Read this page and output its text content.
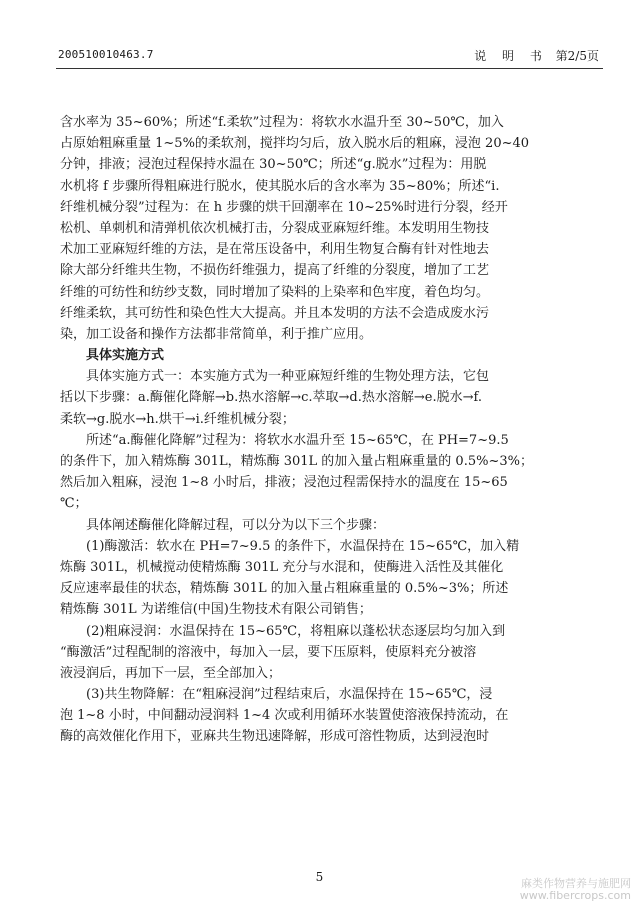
200510010463.7	说 明 书 第2/5页
含水率为 35~60%；所述“f.柔软”过程为：将软水水温升至 30~50℃，加入
占原始粗麻重量 1~5%的柔软剂，搅拌均匀后，放入脱水后的粗麻，浸泡 20~40
分钟，排液；浸泡过程保持水温在 30~50℃；所述“g.脱水”过程为：用脱
水机将 f 步骤所得粗麻进行脱水，使其脱水后的含水率为 35~80%；所述“i.
纤维机械分裂”过程为：在 h 步骤的烘干回潮率在 10~25%时进行分裂，经开
松机、单刺机和清弹机依次机械打击，分裂成亚麻短纤维。本发明用生物技
术加工亚麻短纤维的方法，是在常压设备中，利用生物复合酶有针对性地去
除大部分纤维共生物，不损伤纤维强力，提高了纤维的分裂度，增加了工艺
纤维的可纺性和纺纱支数，同时增加了染料的上染率和色牢度，着色均匀。
纤维柔软，其可纺性和染色性大大提高。并且本发明的方法不会造成废水污
染，加工设备和操作方法都非常简单，利于推广应用。
具体实施方式
具体实施方式一：本实施方式为一种亚麻短纤维的生物处理方法，它包
括以下步骤：a.酶催化降解→b.热水溶解→c.萃取→d.热水溶解→e.脱水→f.
柔软→g.脱水→h.烘干→i.纤维机械分裂；
所述“a.酶催化降解”过程为：将软水水温升至 15~65℃，在 PH=7~9.5
的条件下，加入精炼酶 301L，精炼酶 301L 的加入量占粗麻重量的 0.5%~3%；
然后加入粗麻，浸泡 1~8 小时后，排液；浸泡过程需保持水的温度在 15~65
℃；
具体阐述酶催化降解过程，可以分为以下三个步骤：
(1)酶激活：软水在 PH=7~9.5 的条件下，水温保持在 15~65℃，加入精
炼酶 301L，机械搅动使精炼酶 301L 充分与水混和，使酶进入活性及其催化
反应速率最佳的状态，精炼酶 301L 的加入量占粗麻重量的 0.5%~3%；所述
精炼酶 301L 为诺维信(中国)生物技术有限公司销售；
(2)粗麻浸润：水温保持在 15~65℃，将粗麻以蓬松状态逐层均匀加入到
“酶激活”过程配制的溶液中，每加入一层，要下压原料，使原料充分被溶
液浸润后，再加下一层，至全部加入；
(3)共生物降解：在“粗麻浸润”过程结束后，水温保持在 15~65℃，浸
泡 1~8 小时，中间翻动浸润料 1~4 次或利用循环水装置使溶液保持流动，在
酶的高效催化作用下，亚麻共生物迅速降解，形成可溶性物质，达到浸泡时
5	麻类作物营养与施肥网
www.fibercrops.com
